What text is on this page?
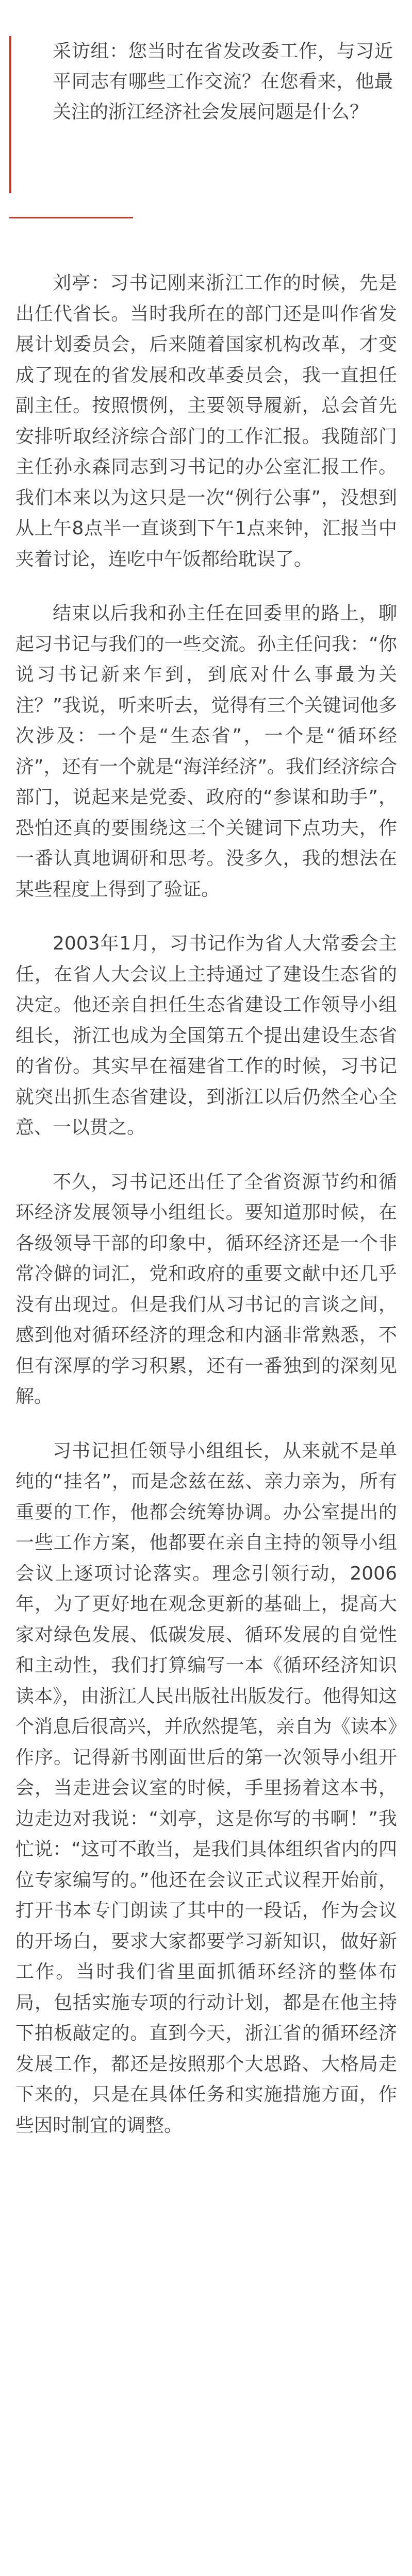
采访组：您当时在省发改委工作，与习近平同志有哪些工作交流？在您看来，他最关注的浙江经济社会发展问题是什么？

刘亭：习书记刚来浙江工作的时候，先是出任代省长。当时我所在的部门还是叫作省发展计划委员会，后来随着国家机构改革，才变成了现在的省发展和改革委员会，我一直担任副主任。按照惯例，主要领导履新，总会首先安排听取经济综合部门的工作汇报。我随部门主任孙永森同志到习书记的办公室汇报工作。我们本来以为这只是一次“例行公事”，没想到从上午8点半一直谈到下午1点来钟，汇报当中夹着讨论，连吃中午饭都给耽误了。

结束以后我和孙主任在回委里的路上，聊起习书记与我们的一些交流。孙主任问我：“你说习书记新来乍到，到底对什么事最为关注？”我说，听来听去，觉得有三个关键词他多次涉及：一个是“生态省”，一个是“循环经济”，还有一个就是“海洋经济”。我们经济综合部门，说起来是党委、政府的“参谋和助手”，恐怕还真的要围绕这三个关键词下点功夫，作一番认真地调研和思考。没多久，我的想法在某些程度上得到了验证。

2003年1月，习书记作为省人大常委会主任，在省人大会议上主持通过了建设生态省的决定。他还亲自担任生态省建设工作领导小组组长，浙江也成为全国第五个提出建设生态省的省份。其实早在福建省工作的时候，习书记就突出抓生态省建设，到浙江以后仍然全心全意、一以贯之。

不久，习书记还出任了全省资源节约和循环经济发展领导小组组长。要知道那时候，在各级领导干部的印象中，循环经济还是一个非常冷僻的词汇，党和政府的重要文献中还几乎没有出现过。但是我们从习书记的言谈之间，感到他对循环经济的理念和内涵非常熟悉，不但有深厚的学习积累，还有一番独到的深刻见解。

习书记担任领导小组组长，从来就不是单纯的“挂名”，而是念兹在兹、亲力亲为，所有重要的工作，他都会统筹协调。办公室提出的一些工作方案，他都要在亲自主持的领导小组会议上逐项讨论落实。理念引领行动，2006年，为了更好地在观念更新的基础上，提高大家对绿色发展、低碳发展、循环发展的自觉性和主动性，我们打算编写一本《循环经济知识读本》，由浙江人民出版社出版发行。他得知这个消息后很高兴，并欣然提笔，亲自为《读本》作序。记得新书刚面世后的第一次领导小组开会，当走进会议室的时候，手里扬着这本书，边走边对我说：“刘亭，这是你写的书啊！”我忙说：“这可不敢当，是我们具体组织省内的四位专家编写的。”他还在会议正式议程开始前，打开书本专门朗读了其中的一段话，作为会议的开场白，要求大家都要学习新知识，做好新工作。当时我们省里面抓循环经济的整体布局，包括实施专项的行动计划，都是在他主持下拍板敲定的。直到今天，浙江省的循环经济发展工作，都还是按照那个大思路、大格局走下来的，只是在具体任务和实施措施方面，作些因时制宜的调整。
